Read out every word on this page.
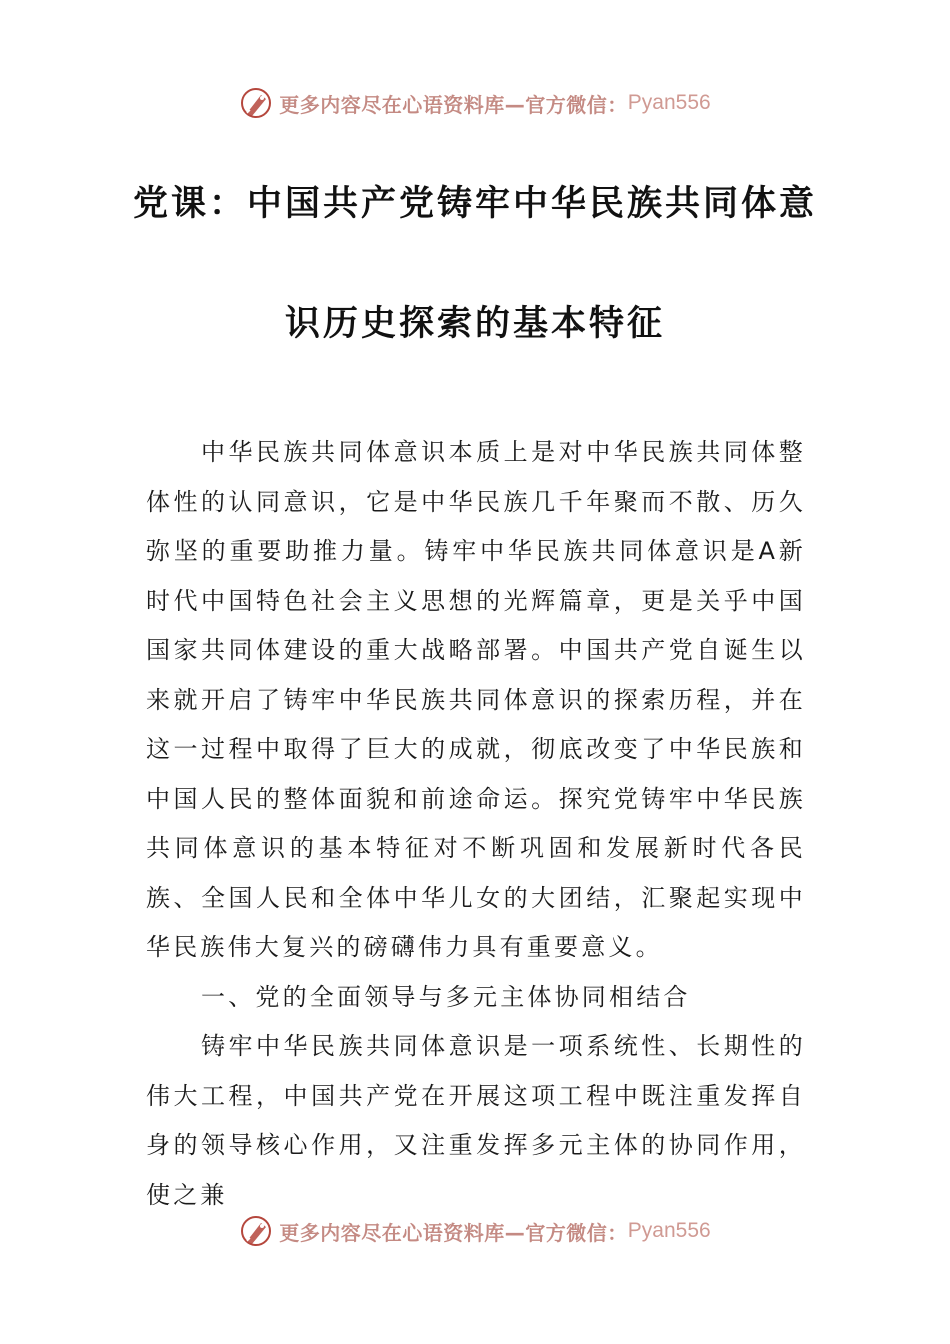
更多内容尽在心语资料库—官方微信： Pyan556
党课：中国共产党铸牢中华民族共同体意
识历史探索的基本特征

中华民族共同体意识本质上是对中华民族共同体整体性的认同意识，它是中华民族几千年聚而不散、历久弥坚的重要助推力量。铸牢中华民族共同体意识是A新时代中国特色社会主义思想的光辉篇章，更是关乎中国国家共同体建设的重大战略部署。中国共产党自诞生以来就开启了铸牢中华民族共同体意识的探索历程，并在这一过程中取得了巨大的成就，彻底改变了中华民族和中国人民的整体面貌和前途命运。探究党铸牢中华民族共同体意识的基本特征对不断巩固和发展新时代各民族、全国人民和全体中华儿女的大团结，汇聚起实现中华民族伟大复兴的磅礴伟力具有重要意义。

一、党的全面领导与多元主体协同相结合

铸牢中华民族共同体意识是一项系统性、长期性的伟大工程，中国共产党在开展这项工程中既注重发挥自身的领导核心作用，又注重发挥多元主体的协同作用，使之兼

更多内容尽在心语资料库—官方微信： Pyan556
